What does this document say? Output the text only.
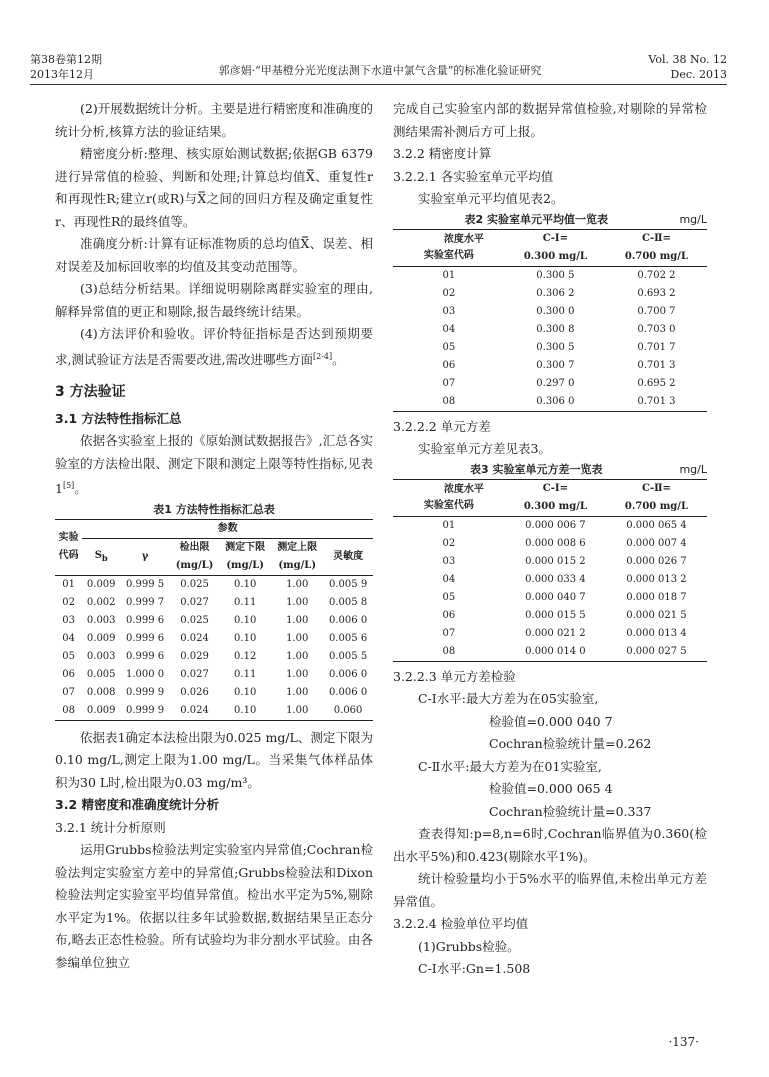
第38卷第12期
2013年12月	郭彦娟·“甲基橙分光光度法测下水道中氯气含量”的标准化验证研究
Vol. 38 No. 12
Dec. 2013

(2)开展数据统计分析。主要是进行精密度和准确度的统计分析,核算方法的验证结果。

精密度分析:整理、核实原始测试数据;依据GB 6379进行异常值的检验、判断和处理;计算总均值X̿、重复性r和再现性R;建立r(或R)与X̿之间的回归方程及确定重复性r、再现性R的最终值等。

准确度分析:计算有证标准物质的总均值X̿、误差、相对误差及加标回收率的均值及其变动范围等。

(3)总结分析结果。详细说明剔除离群实验室的理由,解释异常值的更正和剔除,报告最终统计结果。

(4)方法评价和验收。评价特征指标是否达到预期要求,测试验证方法是否需要改进,需改进哪些方面[2-4]。

3 方法验证
3.1 方法特性指标汇总

依据各实验室上报的《原始测试数据报告》,汇总各实验室的方法检出限、测定下限和测定上限等特性指标,见表1[5]。

表1 方法特性指标汇总表
实验
代码	参数					
	$S_b$	γ	检出限	测定下限	测定上限	灵敏度
			(mg/L)	(mg/L)	(mg/L)	
01	0.009	0.999 5	0.025	0.10	1.00	0.005 9
02	0.002	0.999 7	0.027	0.11	1.00	0.005 8
03	0.003	0.999 6	0.025	0.10	1.00	0.006 0
04	0.009	0.999 6	0.024	0.10	1.00	0.005 6
05	0.003	0.999 6	0.029	0.12	1.00	0.005 5
06	0.005	1.000 0	0.027	0.11	1.00	0.006 0
07	0.008	0.999 9	0.026	0.10	1.00	0.006 0
08	0.009	0.999 9	0.024	0.10	1.00	0.060

依据表1确定本法检出限为0.025 mg/L、测定下限为0.10 mg/L,测定上限为1.00 mg/L。当采集气体样品体积为30 L时,检出限为0.03 mg/m³。

3.2 精密度和准确度统计分析
3.2.1 统计分析原则

运用Grubbs检验法判定实验室内异常值;Cochran检验法判定实验室方差中的异常值;Grubbs检验法和Dixon检验法判定实验室平均值异常值。检出水平定为5%,剔除水平定为1%。依据以往多年试验数据,数据结果呈正态分布,略去正态性检验。所有试验均为非分割水平试验。由各参编单位独立

完成自己实验室内部的数据异常值检验,对剔除的异常检测结果需补测后方可上报。

3.2.2 精密度计算
3.2.2.1 各实验室单元平均值

实验室单元平均值见表2。

表2 实验室单元平均值一览表	mg/L
浓度水平
实验室代码	C-Ⅰ=
0.300 mg/L	C-Ⅱ=
0.700 mg/L
01	0.300 5	0.702 2
02	0.306 2	0.693 2
03	0.300 0	0.700 7
04	0.300 8	0.703 0
05	0.300 5	0.701 7
06	0.300 7	0.701 3
07	0.297 0	0.695 2
08	0.306 0	0.701 3
3.2.2.2 单元方差

实验室单元方差见表3。

表3 实验室单元方差一览表	mg/L
浓度水平
实验室代码	C-Ⅰ=
0.300 mg/L	C-Ⅱ=
0.700 mg/L
01	0.000 006 7	0.000 065 4
02	0.000 008 6	0.000 007 4
03	0.000 015 2	0.000 026 7
04	0.000 033 4	0.000 013 2
05	0.000 040 7	0.000 018 7
06	0.000 015 5	0.000 021 5
07	0.000 021 2	0.000 013 4
08	0.000 014 0	0.000 027 5
3.2.2.3 单元方差检验

C-Ⅰ水平:最大方差为在05实验室,

检验值=0.000 040 7

Cochran检验统计量=0.262

C-Ⅱ水平:最大方差为在01实验室,

检验值=0.000 065 4

Cochran检验统计量=0.337

查表得知:p=8,n=6时,Cochran临界值为0.360(检出水平5%)和0.423(剔除水平1%)。

统计检验量均小于5%水平的临界值,未检出单元方差异常值。

3.2.2.4 检验单位平均值

(1)Grubbs检验。

C-Ⅰ水平:Gn=1.508

·137·
